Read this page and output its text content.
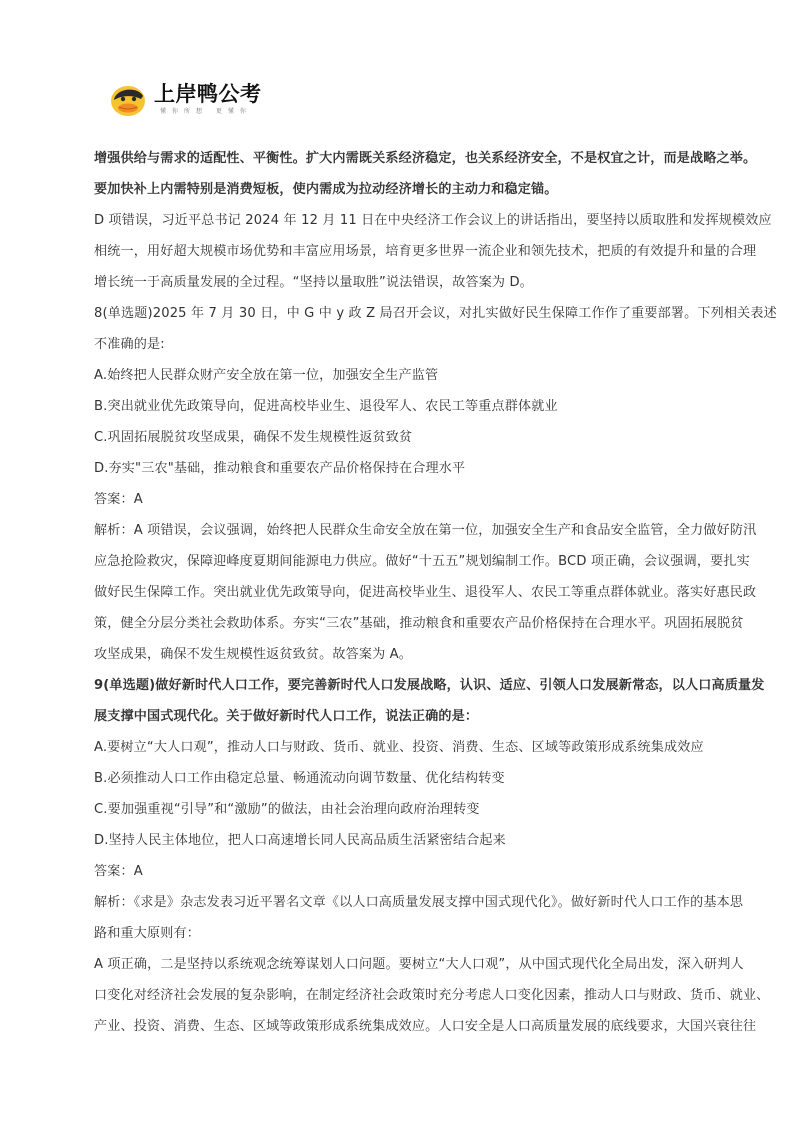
上岸鸭公考
懂你所想 更懂你

增强供给与需求的适配性、平衡性。扩大内需既关系经济稳定，也关系经济安全，不是权宜之计，而是战略之举。

要加快补上内需特别是消费短板，使内需成为拉动经济增长的主动力和稳定锚。

D 项错误，习近平总书记 2024 年 12 月 11 日在中央经济工作会议上的讲话指出，要坚持以质取胜和发挥规模效应

相统一，用好超大规模市场优势和丰富应用场景，培育更多世界一流企业和领先技术，把质的有效提升和量的合理

增长统一于高质量发展的全过程。“坚持以量取胜”说法错误，故答案为 D。

8(单选题)2025 年 7 月 30 日，中 G 中 y 政 Z 局召开会议，对扎实做好民生保障工作作了重要部署。下列相关表述

不准确的是:

A.始终把人民群众财产安全放在第一位，加强安全生产监管

B.突出就业优先政策导向，促进高校毕业生、退役军人、农民工等重点群体就业

C.巩固拓展脱贫攻坚成果，确保不发生规模性返贫致贫

D.夯实"三农"基础，推动粮食和重要农产品价格保持在合理水平

答案：A

解析：A 项错误，会议强调，始终把人民群众生命安全放在第一位，加强安全生产和食品安全监管，全力做好防汛

应急抢险救灾，保障迎峰度夏期间能源电力供应。做好“十五五”规划编制工作。BCD 项正确，会议强调，要扎实

做好民生保障工作。突出就业优先政策导向，促进高校毕业生、退役军人、农民工等重点群体就业。落实好惠民政

策，健全分层分类社会救助体系。夯实“三农”基础，推动粮食和重要农产品价格保持在合理水平。巩固拓展脱贫

攻坚成果，确保不发生规模性返贫致贫。故答案为 A。

9(单选题)做好新时代人口工作，要完善新时代人口发展战略，认识、适应、引领人口发展新常态，以人口高质量发

展支撑中国式现代化。关于做好新时代人口工作，说法正确的是：

A.要树立“大人口观”，推动人口与财政、货币、就业、投资、消费、生态、区域等政策形成系统集成效应

B.必须推动人口工作由稳定总量、畅通流动向调节数量、优化结构转变

C.要加强重视“引导”和“激励”的做法，由社会治理向政府治理转变

D.坚持人民主体地位，把人口高速增长同人民高品质生活紧密结合起来

答案：A

解析：《求是》杂志发表习近平署名文章《以人口高质量发展支撑中国式现代化》。做好新时代人口工作的基本思

路和重大原则有：

A 项正确，二是坚持以系统观念统筹谋划人口问题。要树立“大人口观”，从中国式现代化全局出发，深入研判人

口变化对经济社会发展的复杂影响，在制定经济社会政策时充分考虑人口变化因素，推动人口与财政、货币、就业、

产业、投资、消费、生态、区域等政策形成系统集成效应。人口安全是人口高质量发展的底线要求，大国兴衰往往
